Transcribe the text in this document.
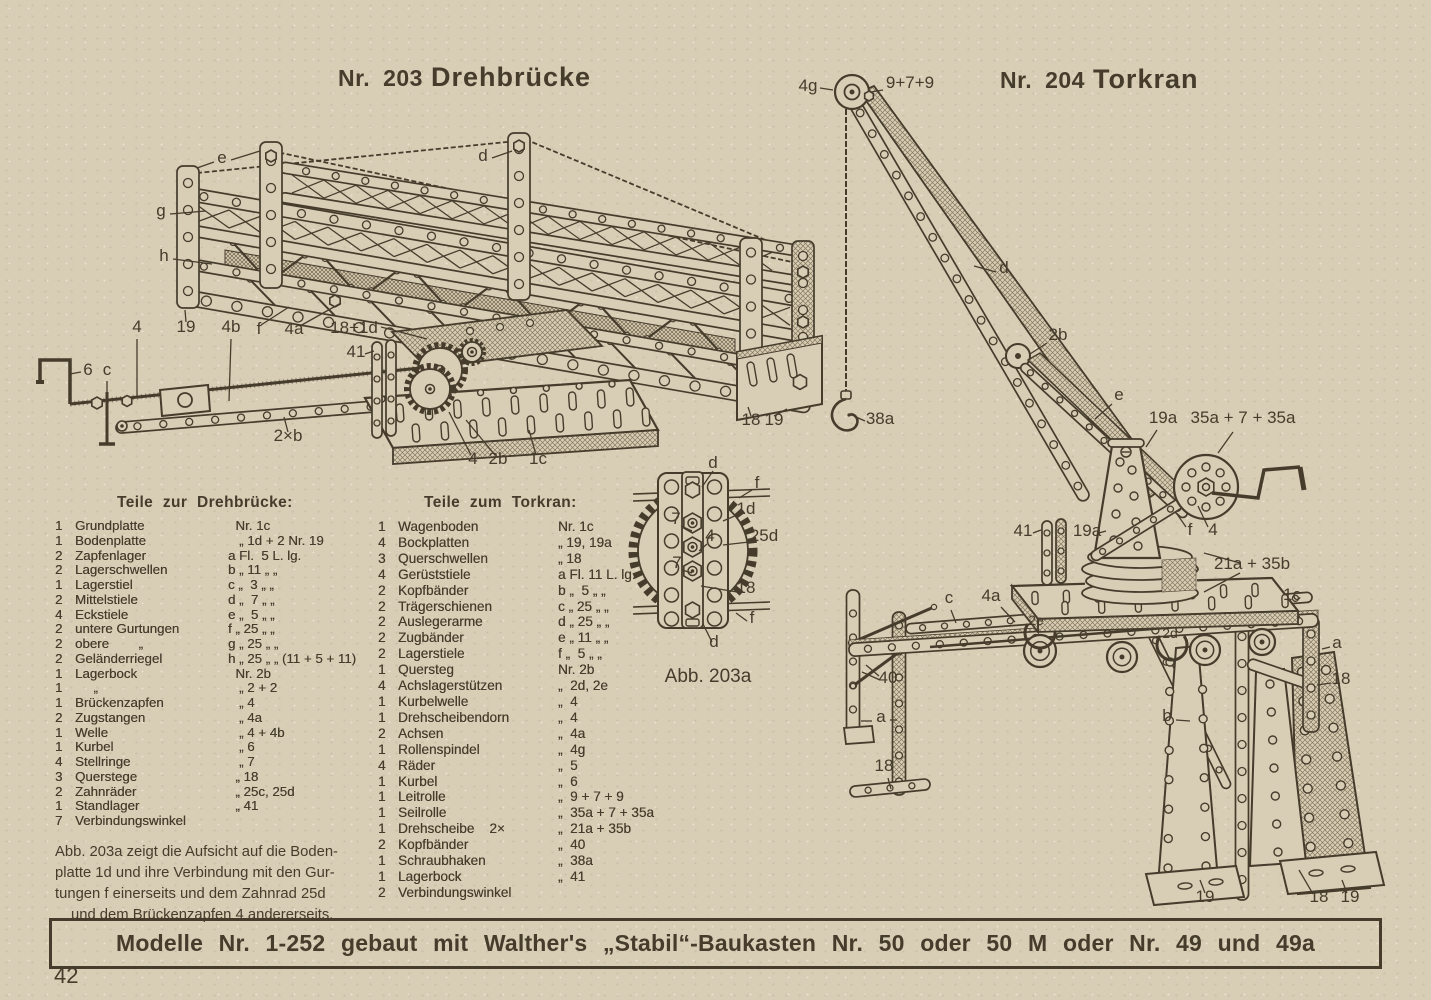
e	d
g
h
4 19 4b f 4a 18+1d
41
6 c
2×b
4 2b 1c
18 19
d
f
1d
7
4 25d
7
18
f
d
Abb. 203a
4g	9+7+9
d
2b
e
38a	19a 35a + 7 + 35a
41 19a	f 4
21a + 35b
1c
c 4a
2e
2d	a
18
40
a	b
18
19	18 19
Nr. 203 Drehbrücke	Nr. 204 Torkran
Teile zur Drehbrücke:
1 Grundplatte	Nr. 1c
1 Bodenplatte	„ 1d + 2 Nr. 19
2 Zapfenlager	a Fl.  5 L. lg.
2 Lagerschwellen	b „ 11 „ „
1 Lagerstiel	c „  3 „ „
2 Mittelstiele	d „  7 „ „
4 Eckstiele	e „  5 „ „
2 untere Gurtungen	f „ 25 „ „
2 obere        „	g „ 25 „ „
2 Geländerriegel	h „ 25 „ „ (11 + 5 + 11)
1 Lagerbock	Nr. 2b
1 „	„ 2 + 2
1 Brückenzapfen	„ 4
2 Zugstangen	„ 4a
1 Welle	„ 4 + 4b
1 Kurbel	„ 6
4 Stellringe	„ 7
3 Querstege	„ 18
2 Zahnräder	„ 25c, 25d
1 Standlager	„ 41
7 Verbindungswinkel
Abb. 203a zeigt die Aufsicht auf die Boden-
platte 1d und ihre Verbindung mit den Gur-
tungen f einerseits und dem Zahnrad 25d
und dem Brückenzapfen 4 andererseits.
Teile zum Torkran:
1 Wagenboden	Nr. 1c
4 Bockplatten	„ 19, 19a
3 Querschwellen	„ 18
4 Gerüststiele	a Fl. 11 L. lg.
2 Kopfbänder	b „  5 „ „
2 Trägerschienen	c „ 25 „ „
2 Auslegerarme	d „ 25 „ „
2 Zugbänder	e „ 11 „ „
2 Lagerstiele	f „  5 „ „
1 Quersteg	Nr. 2b
4 Achslagerstützen	„  2d, 2e
1 Kurbelwelle	„  4
1 Drehscheibendorn	„  4
2 Achsen	„  4a
1 Rollenspindel	„  4g
4 Räder	„  5
1 Kurbel	„  6
1 Leitrolle	„  9 + 7 + 9
1 Seilrolle	„  35a + 7 + 35a
1 Drehscheibe    2×	„  21a + 35b
2 Kopfbänder	„  40
1 Schraubhaken	„  38a
1 Lagerbock	„  41
2 Verbindungswinkel
Modelle Nr. 1-252 gebaut mit Walther's „Stabil“-Baukasten Nr. 50 oder 50 M oder Nr. 49 und 49a
42
